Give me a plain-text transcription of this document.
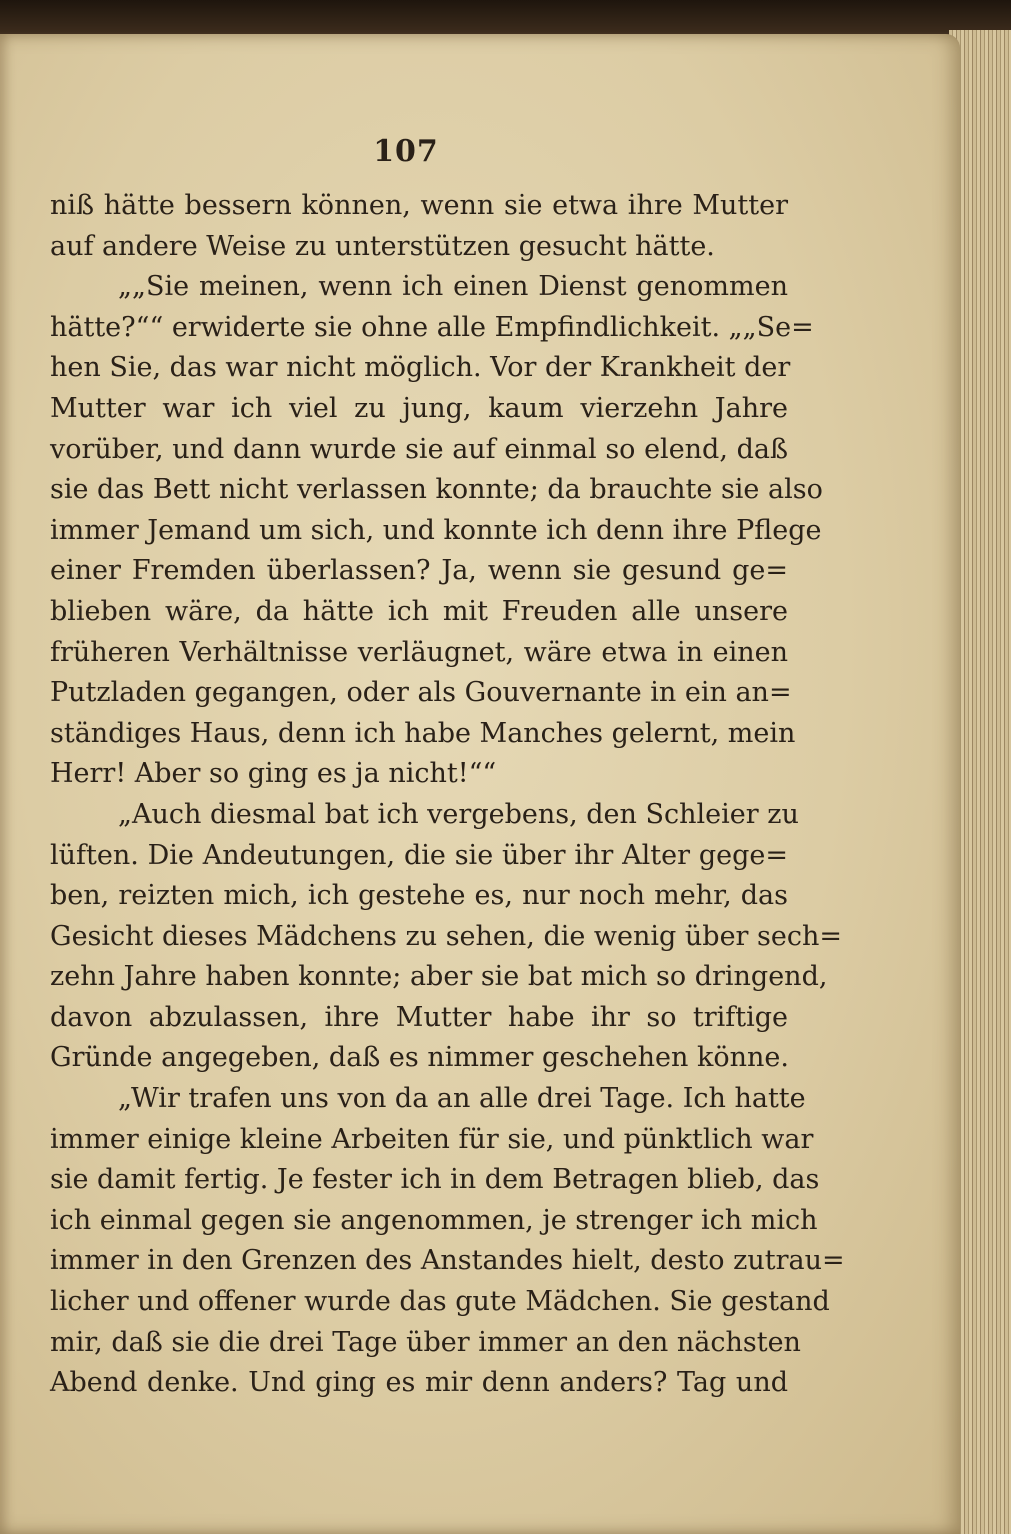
107
niß hätte bessern können, wenn sie etwa ihre Mutter
auf andere Weise zu unterstützen gesucht hätte.
„„Sie meinen, wenn ich einen Dienst genommen
hätte?““ erwiderte sie ohne alle Empfindlichkeit. „„Se=
hen Sie, das war nicht möglich. Vor der Krankheit der
Mutter war ich viel zu jung, kaum vierzehn Jahre
vorüber, und dann wurde sie auf einmal so elend, daß
sie das Bett nicht verlassen konnte; da brauchte sie also
immer Jemand um sich, und konnte ich denn ihre Pflege
einer Fremden überlassen? Ja, wenn sie gesund ge=
blieben wäre, da hätte ich mit Freuden alle unsere
früheren Verhältnisse verläugnet, wäre etwa in einen
Putzladen gegangen, oder als Gouvernante in ein an=
ständiges Haus, denn ich habe Manches gelernt, mein
Herr! Aber so ging es ja nicht!““
„Auch diesmal bat ich vergebens, den Schleier zu
lüften. Die Andeutungen, die sie über ihr Alter gege=
ben, reizten mich, ich gestehe es, nur noch mehr, das
Gesicht dieses Mädchens zu sehen, die wenig über sech=
zehn Jahre haben konnte; aber sie bat mich so dringend,
davon abzulassen, ihre Mutter habe ihr so triftige
Gründe angegeben, daß es nimmer geschehen könne.
„Wir trafen uns von da an alle drei Tage. Ich hatte
immer einige kleine Arbeiten für sie, und pünktlich war
sie damit fertig. Je fester ich in dem Betragen blieb, das
ich einmal gegen sie angenommen, je strenger ich mich
immer in den Grenzen des Anstandes hielt, desto zutrau=
licher und offener wurde das gute Mädchen. Sie gestand
mir, daß sie die drei Tage über immer an den nächsten
Abend denke. Und ging es mir denn anders? Tag und
